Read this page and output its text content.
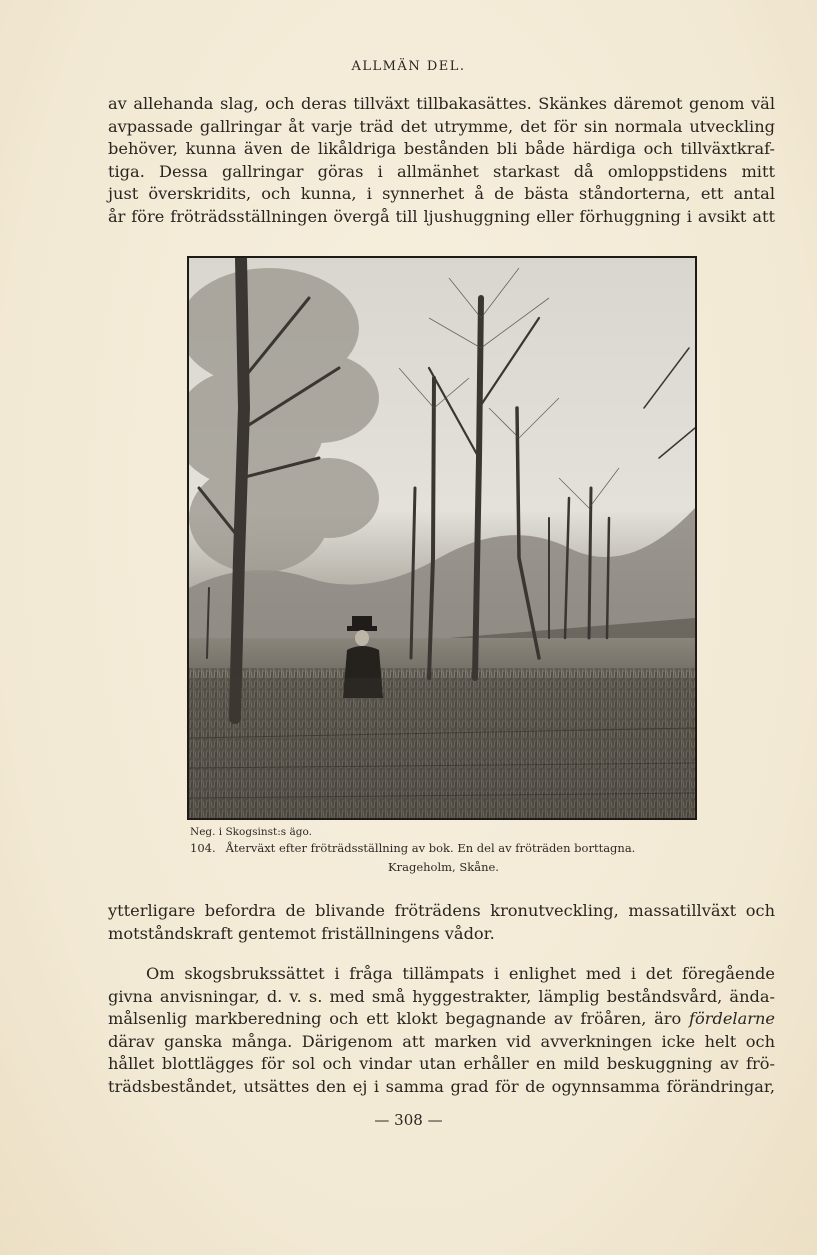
ALLMÄN DEL.

av allehanda slag, och deras tillväxt tillbakasättes. Skänkes däremot genom väl
avpassade gallringar åt varje träd det utrymme, det för sin normala utveckling
behöver, kunna även de likåldriga bestånden bli både härdiga och tillväxtkraf-
tiga. Dessa gallringar göras i allmänhet starkast då omloppstidens mitt
just överskridits, och kunna, i synnerhet å de bästa ståndorterna, ett antal
år före fröträdsställningen övergå till ljushuggning eller förhuggning i avsikt att

Neg. i Skogsinst:s ägo.
104. Återväxt efter fröträdsställning av bok. En del av fröträden borttagna.
Krageholm, Skåne.

ytterligare befordra de blivande fröträdens kronutveckling, massatillväxt och
motståndskraft gentemot friställningens vådor.

Om skogsbrukssättet i fråga tillämpats i enlighet med i det föregående
givna anvisningar, d. v. s. med små hyggestrakter, lämplig beståndsvård, ända-
målsenlig markberedning och ett klokt begagnande av fröåren, äro fördelarne
därav ganska många. Därigenom att marken vid avverkningen icke helt och
hållet blottlägges för sol och vindar utan erhåller en mild beskuggning av frö-
trädsbeståndet, utsättes den ej i samma grad för de ogynnsamma förändringar,

— 308 —
